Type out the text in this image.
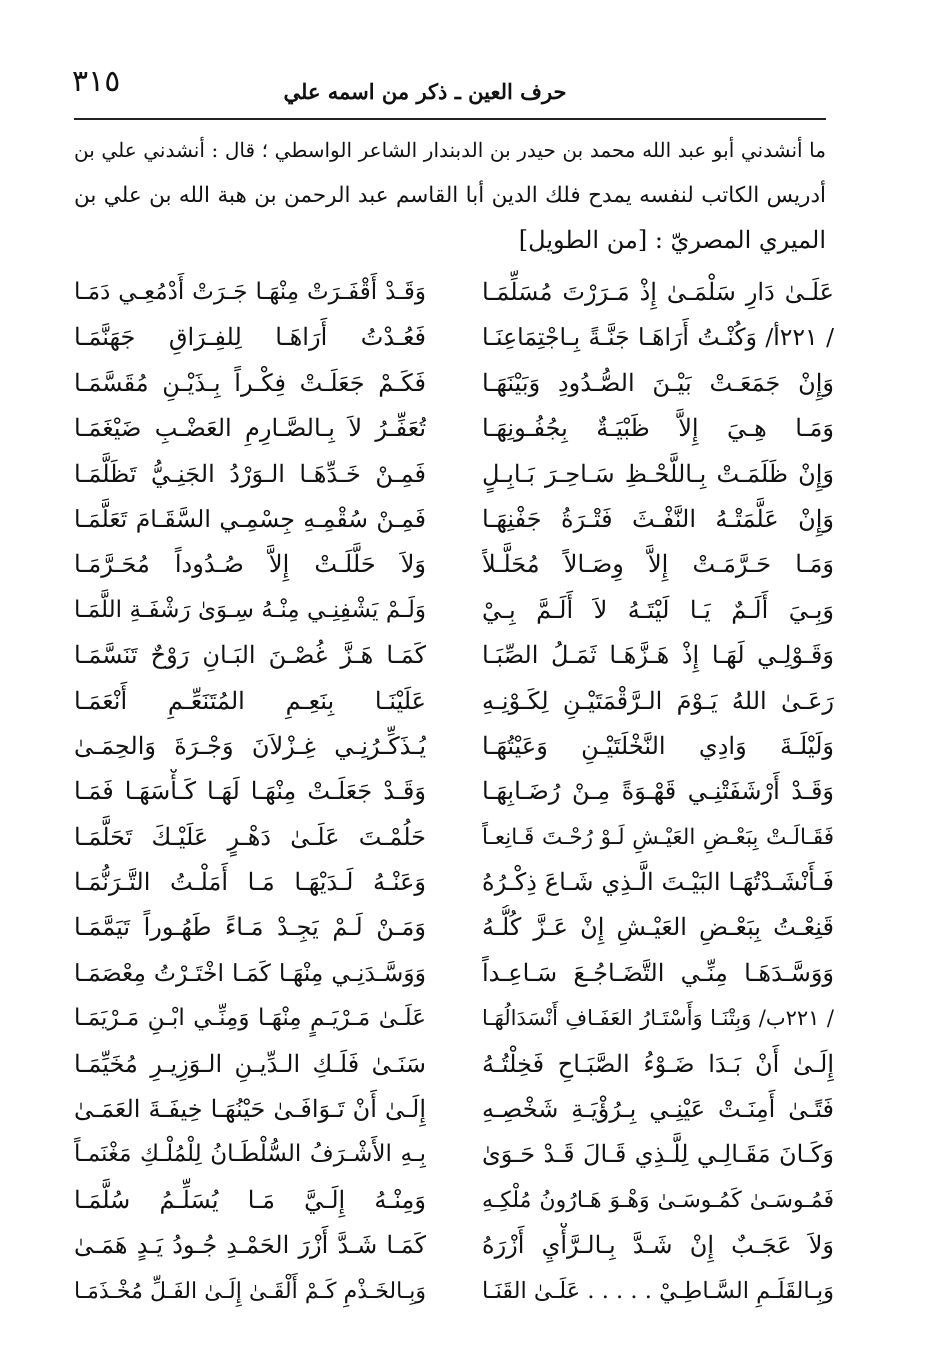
٣١٥	حرف العين ـ ذكر من اسمه علي
ما أنشدني أبو عبد الله محمد بن حيدر بن الدبندار الشاعر الواسطي ؛ قال : أنشدني علي بن
أدريس الكاتب لنفسه يمدح فلك الدين أبا القاسم عبد الرحمن بن هبة الله بن علي بن
الميري المصريّ : [من الطويل]
عَلَـىٰ دَارِ سَلْمَـىٰ إِذْ مَـرَرْتَ مُسَلِّمَـا
وَقَـدْ أَقْفَـرَتْ مِنْهَـا جَـرَتْ أَدْمُعِـي دَمَـا
/ ٢٢١أ/ وَكُنْـتُ أَرَاهَـا جَنَّـةً بِـاجْتِمَاعِنَـا
فَعُـدْتُ أَرَاهَـا لِلفِـرَاقِ جَهَنَّمَـا
وَإِنْ جَمَعَـتْ بَيْـنَ الصُّـدُودِ وَبَيْنَهَـا
فَكَـمْ جَعَلَـتْ فِكْـراً بِـذَيْـنِ مُقَسَّمَـا
وَمَـا هِـيَ إِلاَّ ظَبْيَـةٌ بِجُفُـونِهَـا
تُعَفِّـرُ لاَ بِـالصَّـارِمِ العَضْـبِ ضَيْغَمَـا
وَإِنْ ظَلَمَـتْ بِـاللَّحْـظِ سَـاحِـرَ بَـابِـلٍ
فَمِـنْ خَـدِّهَـا الـوَرْدُ الجَنِـيُّ تَظَلَّمَـا
وَإِنْ عَلَّمَتْـهُ النَّفْـثَ فَتْـرَةُ جَفْنِهَـا
فَمِـنْ سُقْمِـهِ جِسْمِـي السَّقَـامَ تَعَلَّمَـا
وَمَـا حَـرَّمَـتْ إِلاَّ وِصَـالاً مُحَلَّـلاً
وَلاَ حَلَّلَـتْ إِلاَّ صُـدُوداً مُحَـرَّمَـا
وَبِـيَ أَلَـمٌ يَـا لَيْتَـهُ لاَ أَلَـمَّ بِـيْ
وَلَـمْ يَشْفِنِـي مِنْـهُ سِـوَىٰ رَشْفَـةِ اللَّمَـا
وَقَـوْلِـي لَهَـا إِذْ هَـزَّهَـا ثَمَـلُ الصِّبَـا
كَمَـا هَـزَّ غُصْـنَ البَـانِ رَوْحٌ تَنَسَّمَـا
رَعَـىٰ اللهُ يَـوْمَ الـرَّقْمَتَيْـنِ لِكَـوْنِـهِ
عَلَيْنَـا بِنَعِـمِ المُتَنَعِّـمِ أَنْعَمَـا
وَلَيْلَـةَ وَادِي النَّخْلَتَيْـنِ وَعَيْتُهَـا
يُـذَكِّـرُنِـي غِـزْلاَنَ وَجْـرَةَ وَالحِمَـىٰ
وَقَـدْ أَرْشَفَتْنِـي قَهْـوَةً مِـنْ رُضَـابِهَـا
وَقَـدْ جَعَلَـتْ مِنْهَـا لَهَـا كَـأْسَهَـا فَمَـا
فَقَـالَـتْ بِبَعْـضِ العَيْـشِ لَـوْ رُحْـتَ قَـانِعـاً
حَلُمْـتَ عَلَـىٰ دَهْـرٍ عَلَيْـكَ تَحَلَّمَـا
فَـأَنْشَـدْتُهَـا البَيْـتَ الَّـذِي شَـاعَ ذِكْـرُهُ
وَعَنْـهُ لَـدَيْهَـا مَـا أَمَلْـتُ التَّـرَنُّمَـا
قَنِعْـتُ بِبَعْـضِ العَيْـشِ إِنْ عَـزَّ كُلُّـهُ
وَمَـنْ لَـمْ يَجِـدْ مَـاءً طَهُـوراً تَيَمَّمَـا
وَوَسَّـدَهَـا مِنِّـي التَّضَـاجُـعَ سَـاعِـداً
وَوَسَّـدَنِـي مِنْهَـا كَمَـا اخْتَـرْتُ مِعْصَمَـا
/ ٢٢١ب/ وَبِتْنَـا وَأَسْتَـارُ العَفَـافِ أَنْسَدَالُهَـا
عَلَـىٰ مَـرْيَـمٍ مِنْهَـا وَمِنِّـي ابْـنِ مَـرْيَمَـا
إِلَـىٰ أَنْ بَـدَا ضَـوْءُ الصَّبَـاحِ فَخِلْتُـهُ
سَنَـىٰ فَلَـكِ الـدِّيـنِ الـوَزِيـرِ مُخَيِّمَـا
فَتًـىٰ أَمِنَـتْ عَيْنِـي بِـرُؤْيَـةِ شَخْصِـهِ
إِلَـىٰ أَنْ تَـوَافَـىٰ حَيْنُهَـا خِيفَـةَ العَمَـىٰ
وَكَـانَ مَقَـالِـي لِلَّـذِي قَـالَ قَـدْ حَـوَىٰ
بِـهِ الأَشْـرَفُ السُّلْطَـانُ لِلْمُلْـكِ مَغْنَمـاً
فَمُـوسَـىٰ كَمُـوسَـىٰ وَهْـوَ هَـارُونُ مُلْكِـهِ
وَمِنْـهُ إِلَـيَّ مَـا يُسَلِّـمُ سُلَّمَـا
وَلاَ عَجَـبٌ إِنْ شَـدَّ بِـالـرَّأْيِ أَزْرَهُ
كَمَـا شَـدَّ أَزْرَ الحَمْـدِ جُـودُ يَـدٍ هَمَـىٰ
وَبِـالقَلَـمِ السَّـاطِـيْ . . . . . عَلَـىٰ القَنَـا
وَبِـالخَـذْمِ كَـمْ أَلْقَـىٰ إِلَـىٰ الفَـلِّ مُخْـذَمَـا
